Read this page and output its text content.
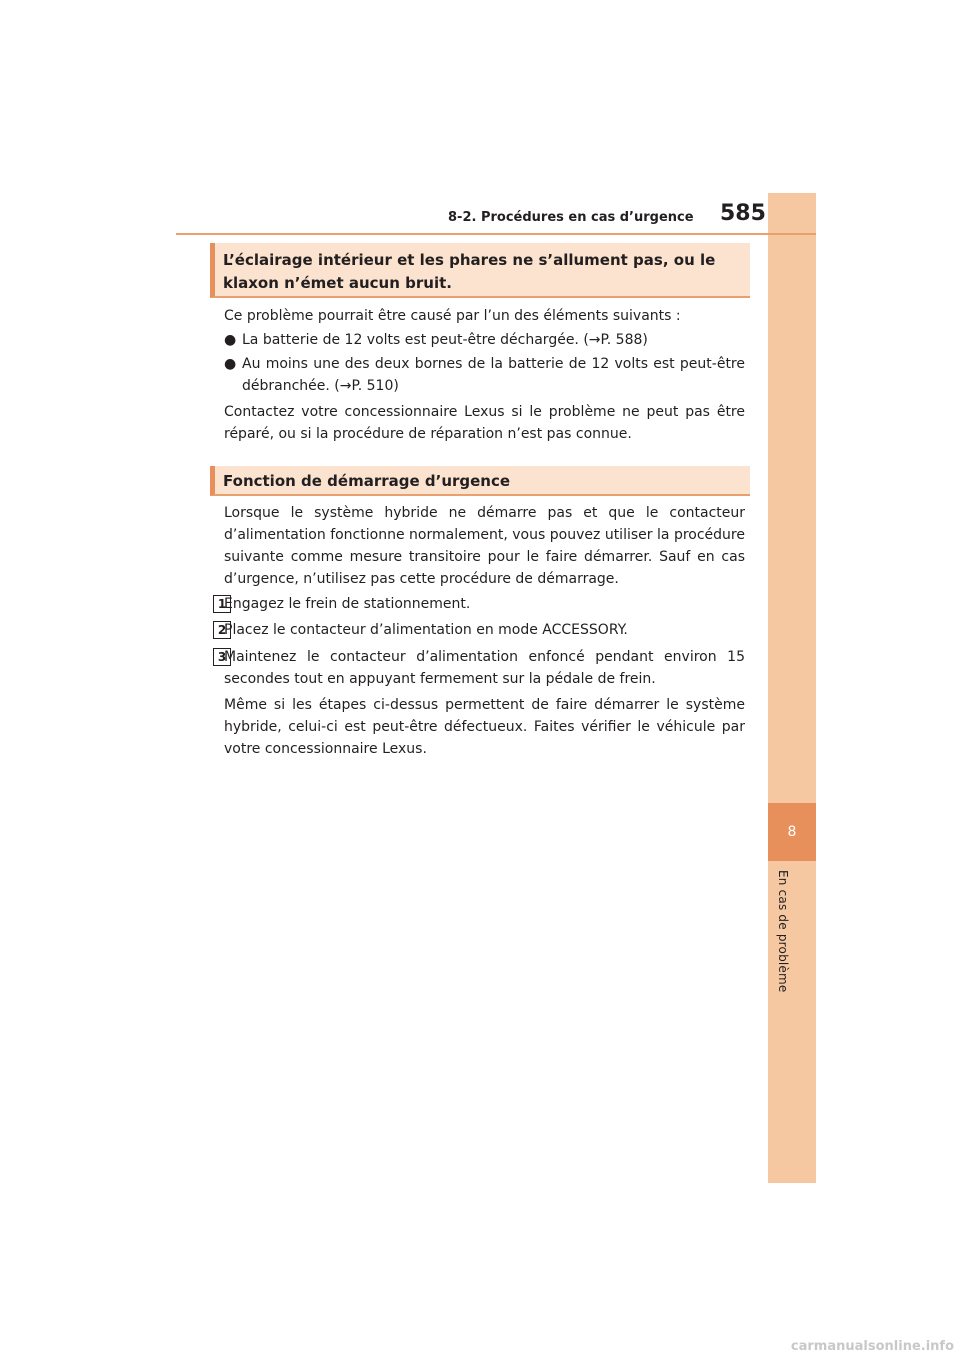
8
En cas de problème
8-2. Procédures en cas d’urgence 585
L’éclairage intérieur et les phares ne s’allument pas, ou le klaxon n’émet aucun bruit.

Ce problème pourrait être causé par l’un des éléments suivants :

● La batterie de 12 volts est peut-être déchargée. (→P. 588)
● Au moins une des deux bornes de la batterie de 12 volts est peut-être débranchée. (→P. 510)

Contactez votre concessionnaire Lexus si le problème ne peut pas être réparé, ou si la procédure de réparation n’est pas connue.

Fonction de démarrage d’urgence

Lorsque le système hybride ne démarre pas et que le contacteur d’alimentation fonctionne normalement, vous pouvez utiliser la procédure suivante comme mesure transitoire pour le faire démarrer. Sauf en cas d’urgence, n’utilisez pas cette procédure de démarrage.

1

Engagez le frein de stationnement.

2

Placez le contacteur d’alimentation en mode ACCESSORY.

3

Maintenez le contacteur d’alimentation enfoncé pendant environ 15 secondes tout en appuyant fermement sur la pédale de frein.

Même si les étapes ci-dessus permettent de faire démarrer le système hybride, celui-ci est peut-être défectueux. Faites vérifier le véhicule par votre concessionnaire Lexus.

carmanualsonline.info
